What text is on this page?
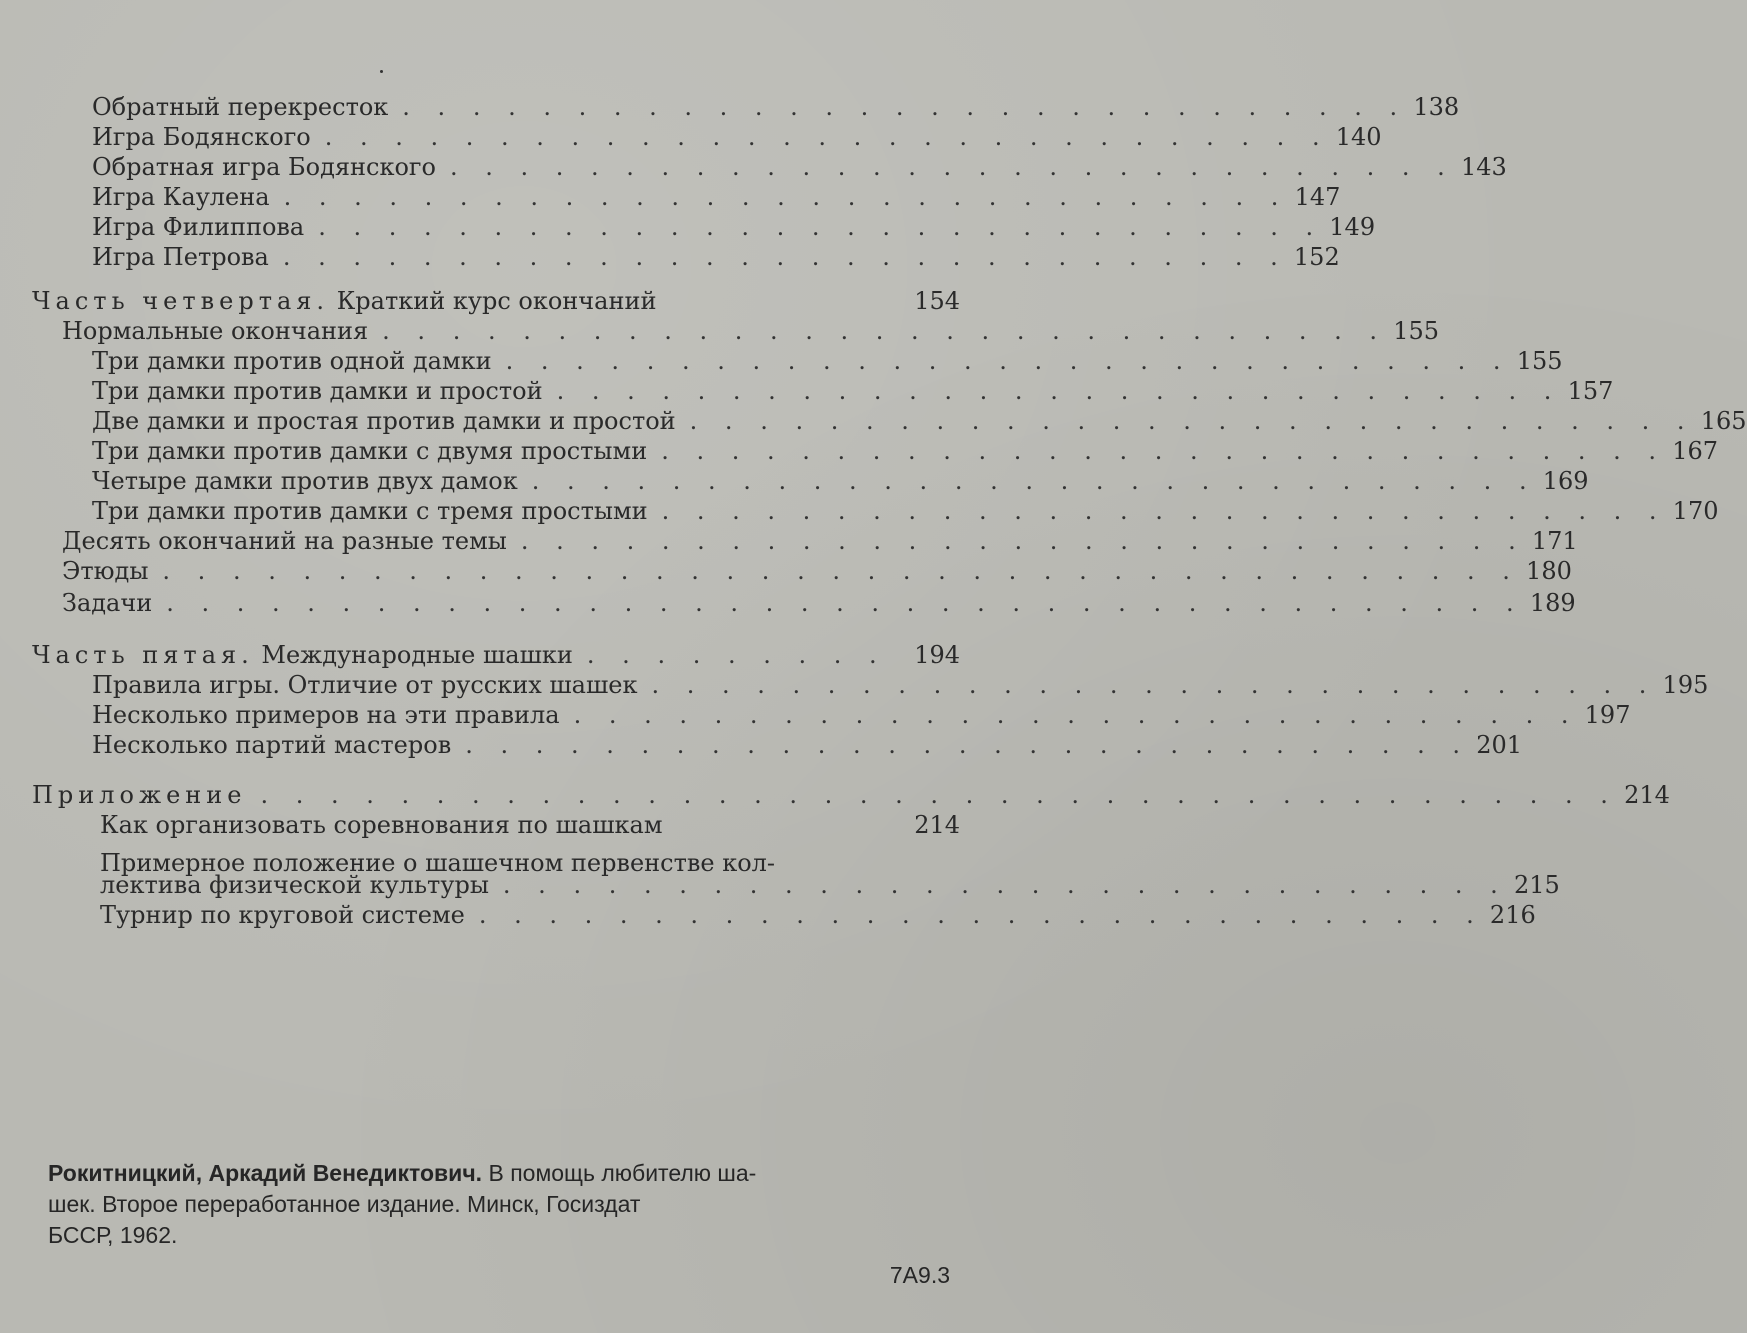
Обратный перекресток . . . . . . . . . . . . . . . . . . . . . . . . . . . . . 138
Игра Бодянского . . . . . . . . . . . . . . . . . . . . . . . . . . . . . 140
Обратная игра Бодянского . . . . . . . . . . . . . . . . . . . . . . . . . . . . . 143
Игра Каулена . . . . . . . . . . . . . . . . . . . . . . . . . . . . . 147
Игра Филиппова . . . . . . . . . . . . . . . . . . . . . . . . . . . . . 149
Игра Петрова . . . . . . . . . . . . . . . . . . . . . . . . . . . . . 152
Часть четвертая. Краткий курс окончаний	154
Нормальные окончания . . . . . . . . . . . . . . . . . . . . . . . . . . . . . 155
Три дамки против одной дамки . . . . . . . . . . . . . . . . . . . . . . . . . . . . . 155
Три дамки против дамки и простой . . . . . . . . . . . . . . . . . . . . . . . . . . . . . 157
Две дамки и простая против дамки и простой . . . . . . . . . . . . . . . . . . . . . . . . . . . . . 165
Три дамки против дамки с двумя простыми . . . . . . . . . . . . . . . . . . . . . . . . . . . . . 167
Четыре дамки против двух дамок . . . . . . . . . . . . . . . . . . . . . . . . . . . . . 169
Три дамки против дамки с тремя простыми . . . . . . . . . . . . . . . . . . . . . . . . . . . . . 170
Десять окончаний на разные темы . . . . . . . . . . . . . . . . . . . . . . . . . . . . . 171
Этюды . . . . . . . . . . . . . . . . . . . . . . . . . . . . . . . . . . . . . . . 180
Задачи . . . . . . . . . . . . . . . . . . . . . . . . . . . . . . . . . . . . . . . 189
Часть пятая. Международные шашки . . . . . . . . .	194
Правила игры. Отличие от русских шашек . . . . . . . . . . . . . . . . . . . . . . . . . . . . . 195
Несколько примеров на эти правила . . . . . . . . . . . . . . . . . . . . . . . . . . . . . 197
Несколько партий мастеров . . . . . . . . . . . . . . . . . . . . . . . . . . . . . 201
Приложение . . . . . . . . . . . . . . . . . . . . . . . . . . . . . . . . . . . . . . . 214
Как организовать соревнования по шашкам	214
Примерное положение о шашечном первенстве кол-
лектива физической культуры . . . . . . . . . . . . . . . . . . . . . . . . . . . . . 215
Турнир по круговой системе . . . . . . . . . . . . . . . . . . . . . . . . . . . . . 216
Рокитницкий, Аркадий Венедиктович. В помощь любителю ша-
шек. Второе переработанное издание. Минск, Госиздат
БССР, 1962.
7А9.3
